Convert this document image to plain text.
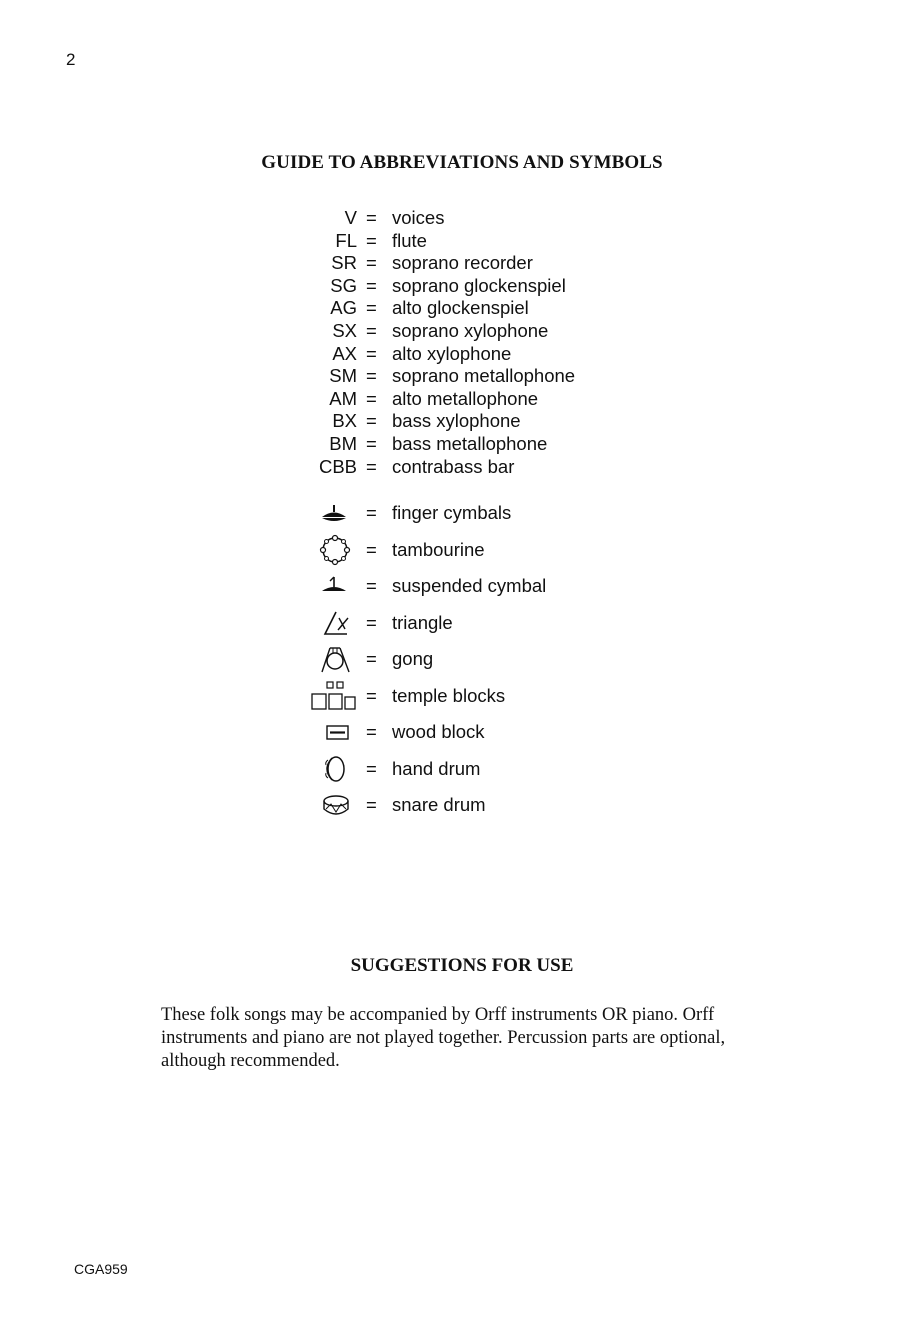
2
GUIDE TO ABBREVIATIONS AND SYMBOLS
V = voices
FL = flute
SR = soprano recorder
SG = soprano glockenspiel
AG = alto glockenspiel
SX = soprano xylophone
AX = alto xylophone
SM = soprano metallophone
AM = alto metallophone
BX = bass xylophone
BM = bass metallophone
CBB = contrabass bar
= finger cymbals
= tambourine
= suspended cymbal
= triangle
= gong
= temple blocks
= wood block
= hand drum
= snare drum
SUGGESTIONS FOR USE

These folk songs may be accompanied by Orff instruments OR piano. Orff

instruments and piano are not played together. Percussion parts are optional,

although recommended.

CGA959
